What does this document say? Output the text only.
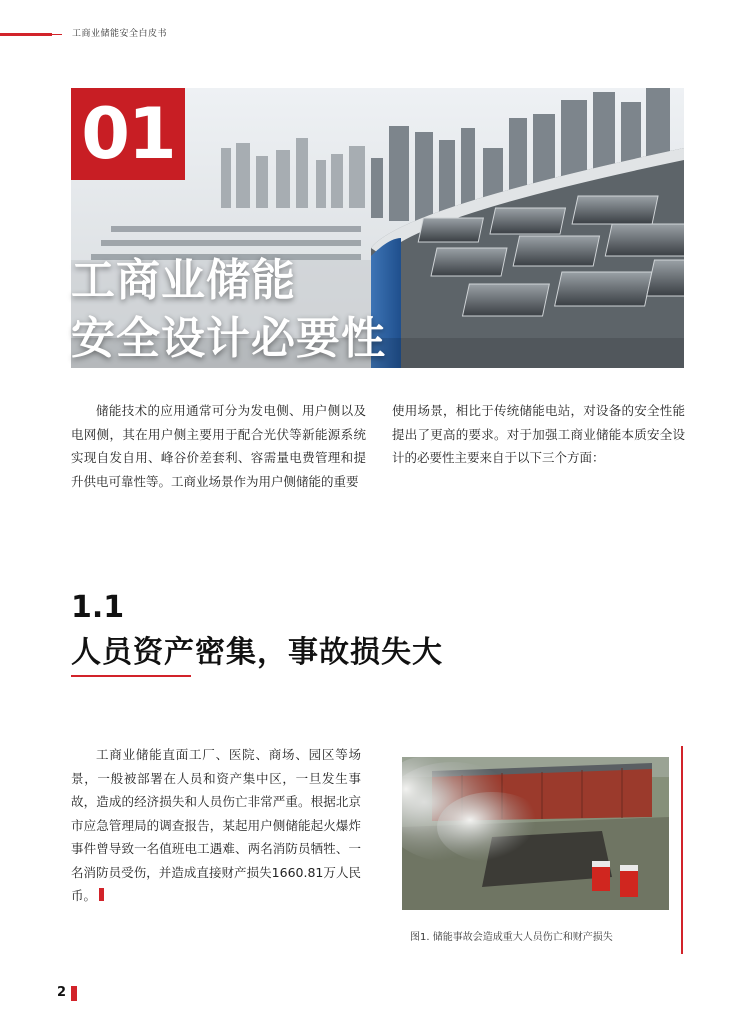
工商业储能安全白皮书
01
工商业储能
安全设计必要性
储能技术的应用通常可分为发电侧、用户侧以及电网侧，其在用户侧主要用于配合光伏等新能源系统实现自发自用、峰谷价差套利、容需量电费管理和提升供电可靠性等。工商业场景作为用户侧储能的重要
使用场景，相比于传统储能电站，对设备的安全性能提出了更高的要求。对于加强工商业储能本质安全设计的必要性主要来自于以下三个方面：
1.1
人员资产密集，事故损失大
工商业储能直面工厂、医院、商场、园区等场景，一般被部署在人员和资产集中区，一旦发生事故，造成的经济损失和人员伤亡非常严重。根据北京市应急管理局的调查报告，某起用户侧储能起火爆炸事件曾导致一名值班电工遇难、两名消防员牺牲、一名消防员受伤，并造成直接财产损失1660.81万人民币。
图1. 储能事故会造成重大人员伤亡和财产损失
2
